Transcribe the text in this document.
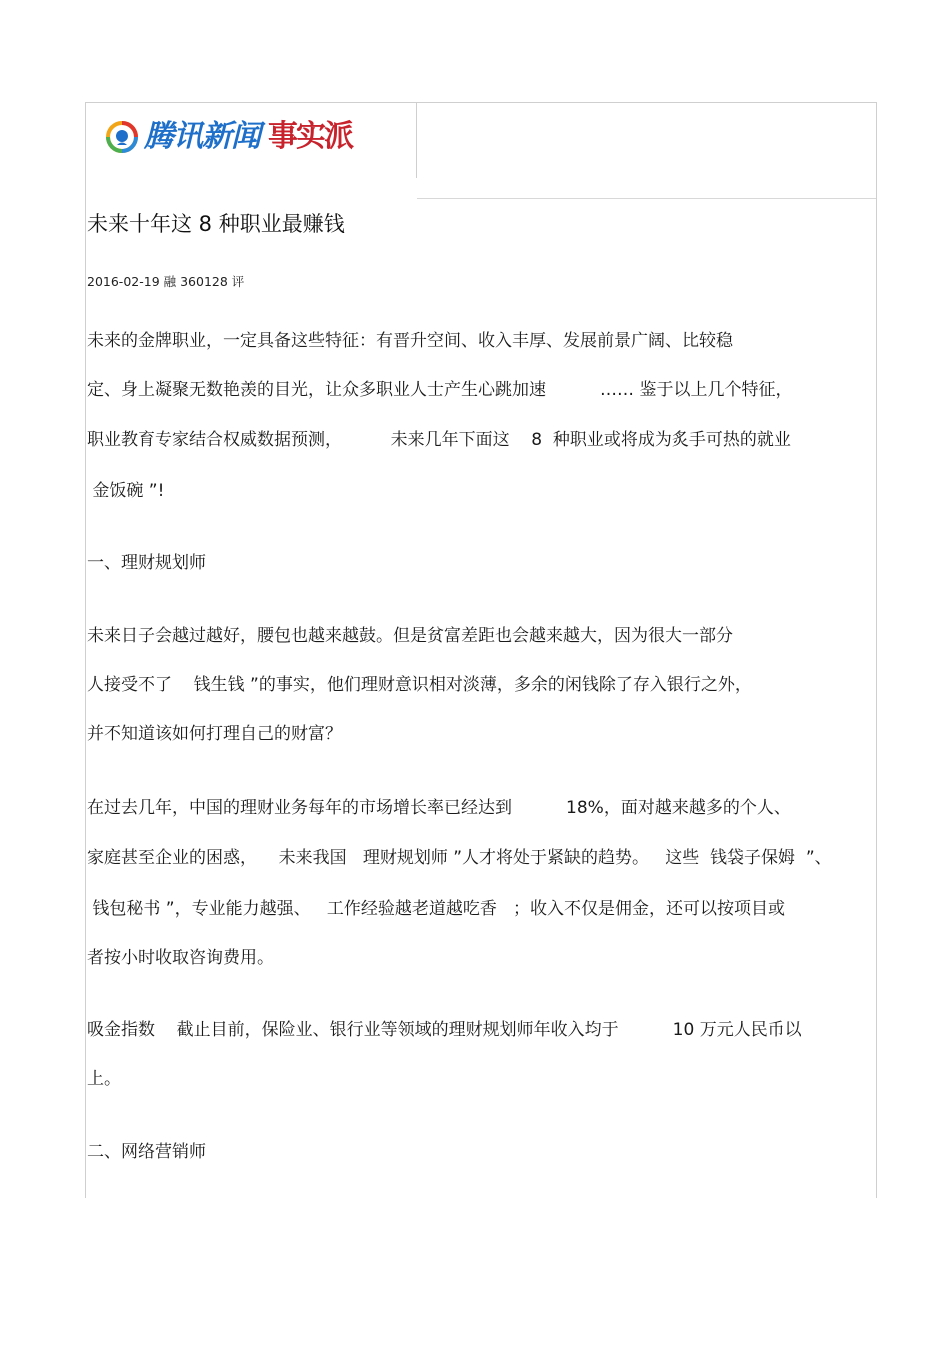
腾讯新闻 事实派
未来十年这 8 种职业最赚钱
2016-02-19 融 360128 评
未来的金牌职业，一定具备这些特征：有晋升空间、收入丰厚、发展前景广阔、比较稳
定、身上凝聚无数艳羡的目光，让众多职业人士产生心跳加速          …… 鉴于以上几个特征，
职业教育专家结合权威数据预测，         未来几年下面这    8  种职业或将成为炙手可热的就业
金饭碗 ”!
一、理财规划师
未来日子会越过越好，腰包也越来越鼓。但是贫富差距也会越来越大，因为很大一部分
人接受不了    钱生钱 ”的事实，他们理财意识相对淡薄，多余的闲钱除了存入银行之外，
并不知道该如何打理自己的财富？
在过去几年，中国的理财业务每年的市场增长率已经达到          18%，面对越来越多的个人、
家庭甚至企业的困惑，    未来我国   理财规划师 ”人才将处于紧缺的趋势。   这些  钱袋子保姆  ”、
钱包秘书 ”，专业能力越强、   工作经验越老道越吃香   ；收入不仅是佣金，还可以按项目或
者按小时收取咨询费用。
吸金指数    截止目前，保险业、银行业等领域的理财规划师年收入均于          10 万元人民币以
上。
二、网络营销师
